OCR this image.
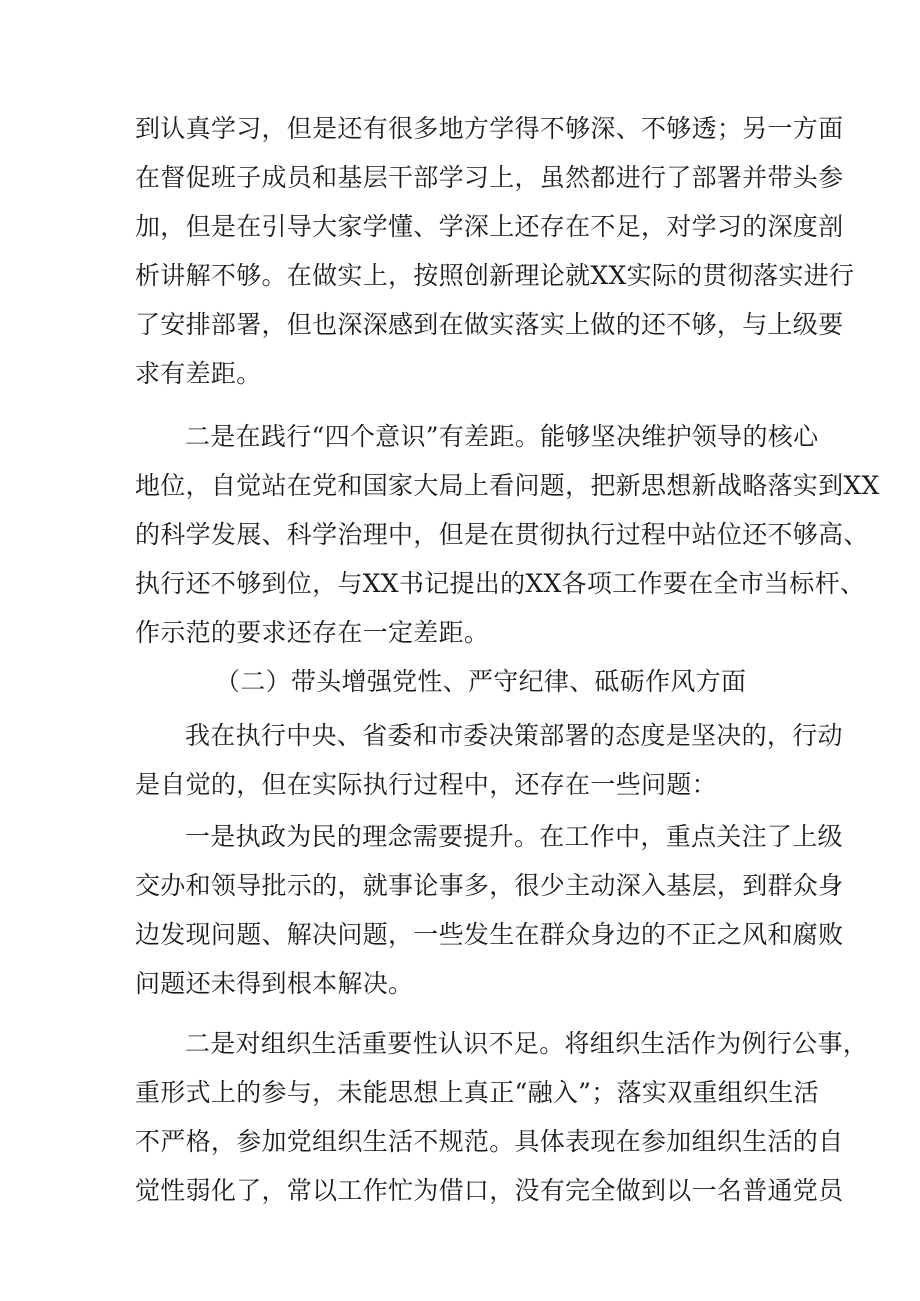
到认真学习，但是还有很多地方学得不够深、不够透；另一方面
在督促班子成员和基层干部学习上，虽然都进行了部署并带头参
加，但是在引导大家学懂、学深上还存在不足，对学习的深度剖
析讲解不够。在做实上，按照创新理论就XX实际的贯彻落实进行
了安排部署，但也深深感到在做实落实上做的还不够，与上级要
求有差距。
二是在践行“四个意识”有差距。能够坚决维护领导的核心
地位，自觉站在党和国家大局上看问题，把新思想新战略落实到XX
的科学发展、科学治理中，但是在贯彻执行过程中站位还不够高、
执行还不够到位，与XX书记提出的XX各项工作要在全市当标杆、
作示范的要求还存在一定差距。
（二）带头增强党性、严守纪律、砥砺作风方面
我在执行中央、省委和市委决策部署的态度是坚决的，行动
是自觉的，但在实际执行过程中，还存在一些问题：
一是执政为民的理念需要提升。在工作中，重点关注了上级
交办和领导批示的，就事论事多，很少主动深入基层，到群众身
边发现问题、解决问题，一些发生在群众身边的不正之风和腐败
问题还未得到根本解决。
二是对组织生活重要性认识不足。将组织生活作为例行公事，
重形式上的参与，未能思想上真正“融入”；落实双重组织生活
不严格，参加党组织生活不规范。具体表现在参加组织生活的自
觉性弱化了，常以工作忙为借口，没有完全做到以一名普通党员
